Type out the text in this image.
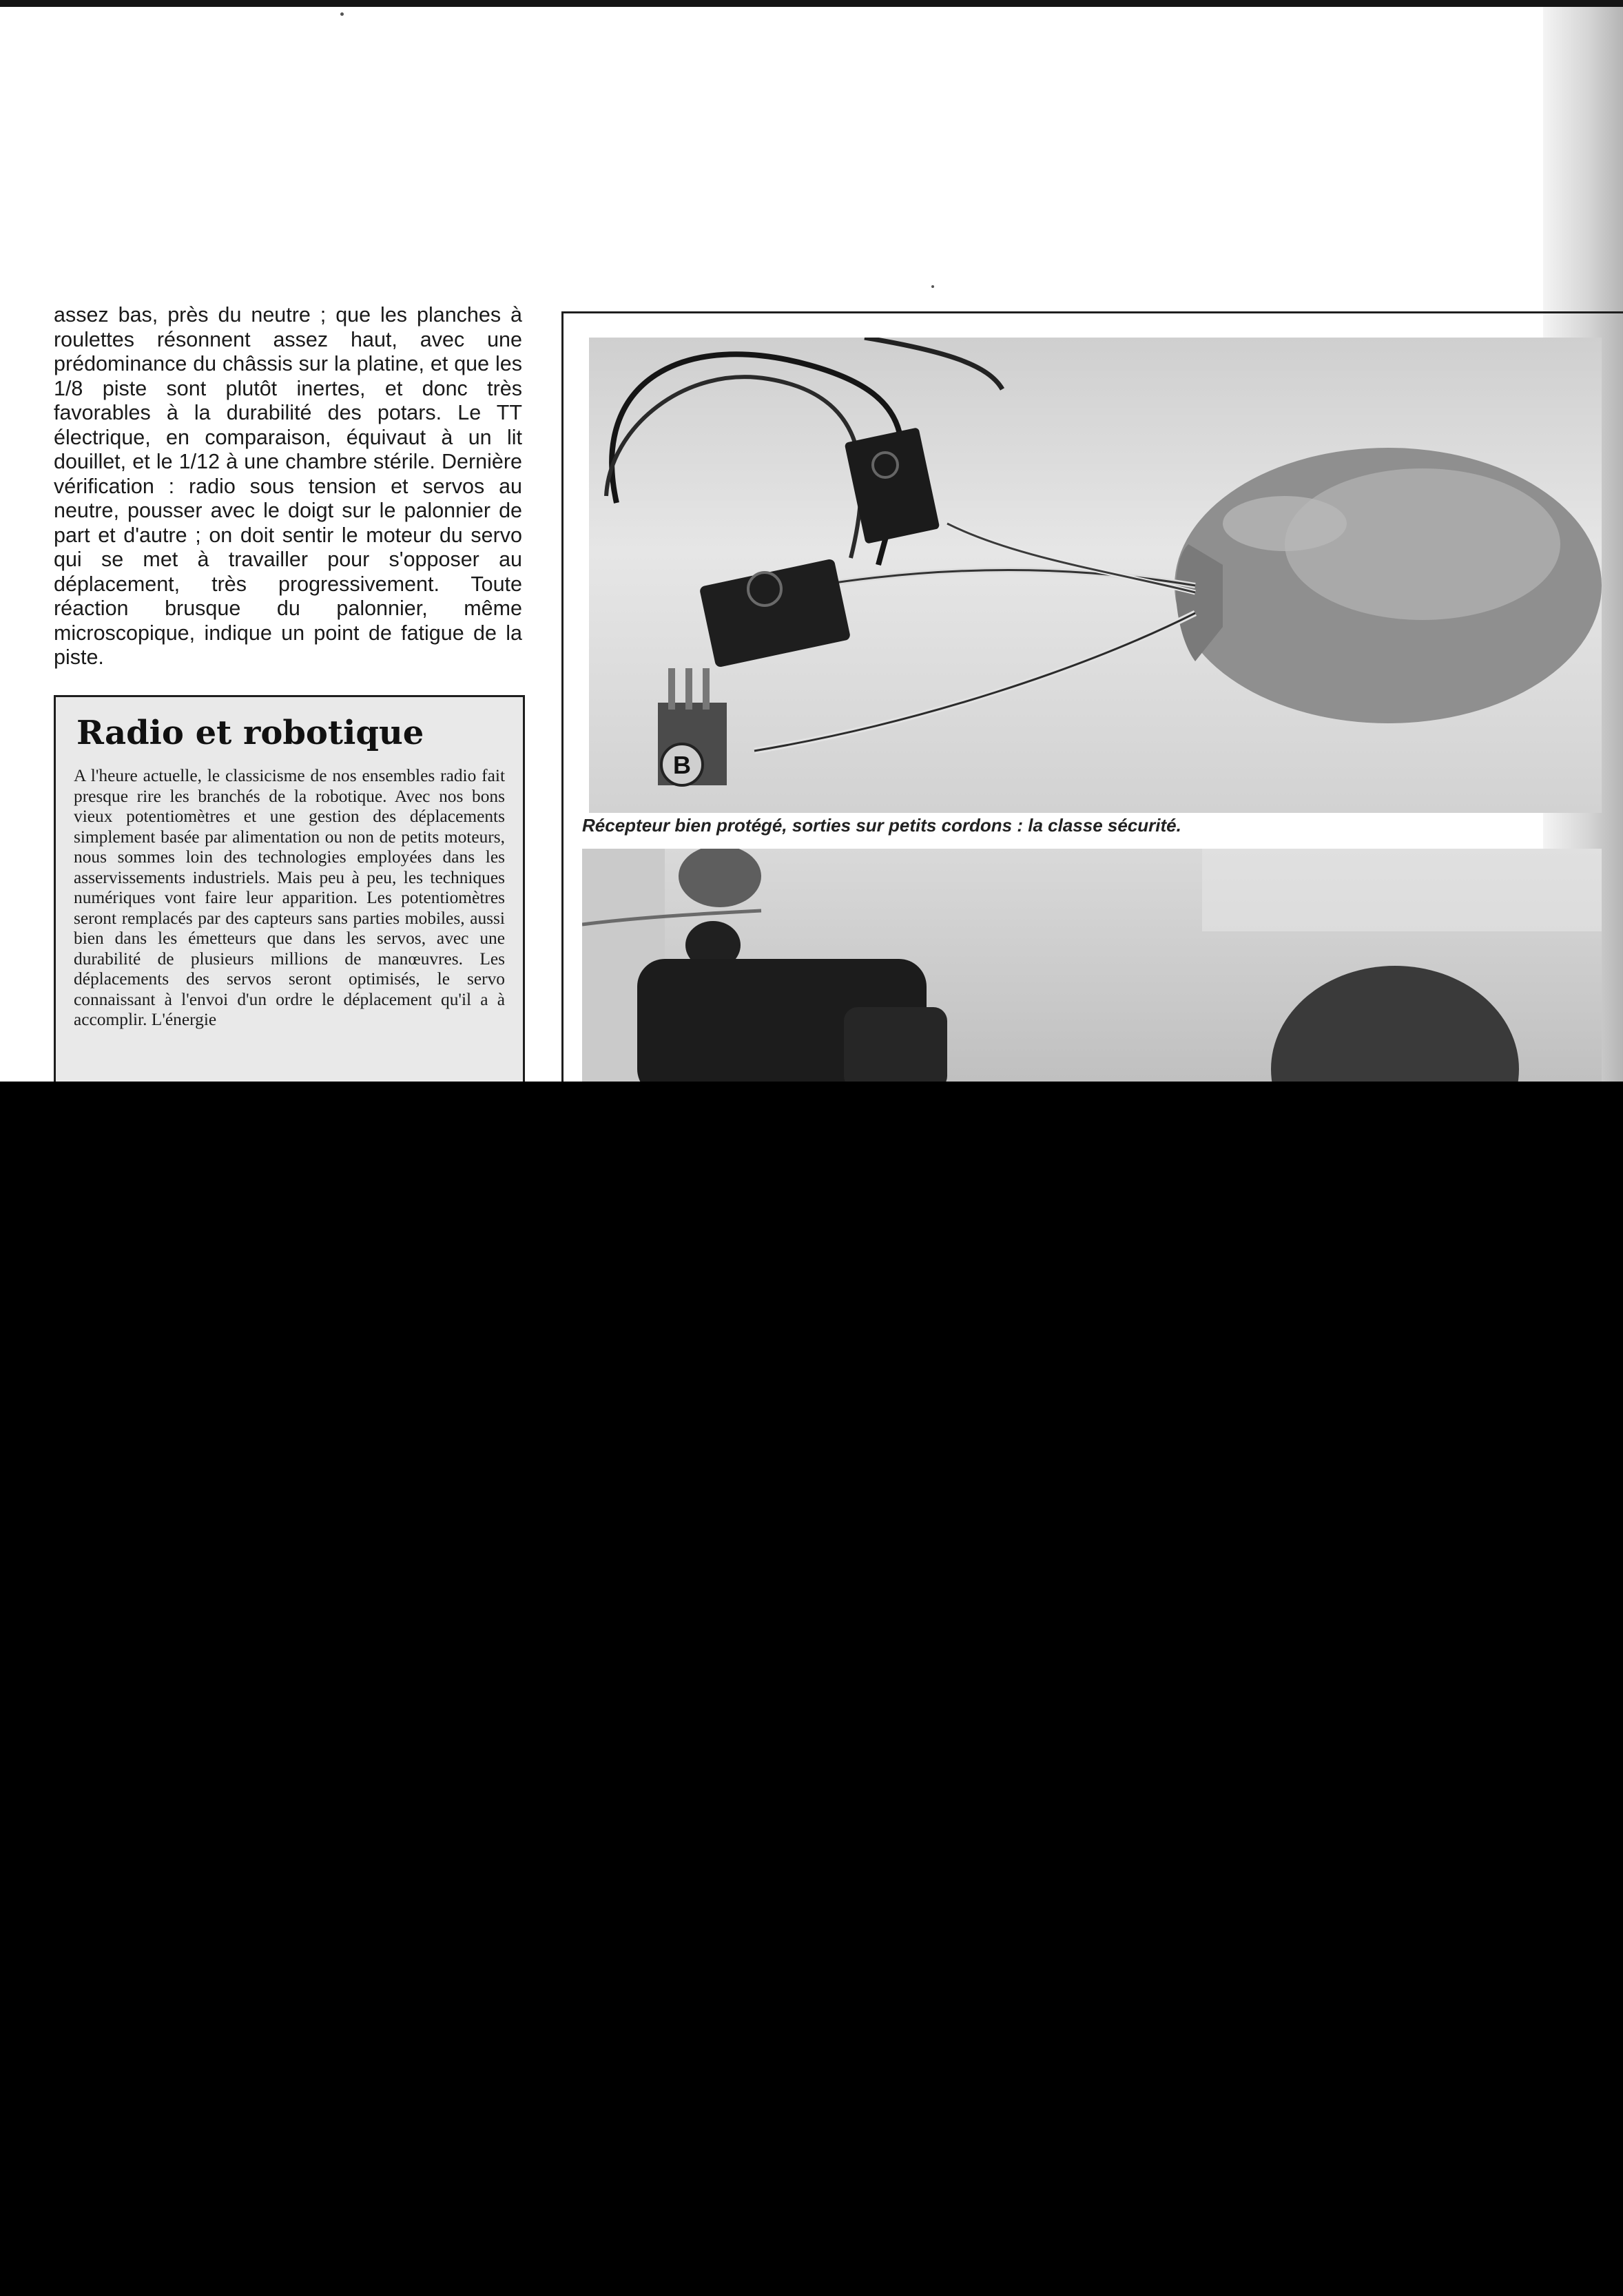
assez bas, près du neutre ; que les planches à roulettes résonnent assez haut, avec une prédominance du châssis sur la platine, et que les 1/8 piste sont plutôt inertes, et donc très favorables à la durabilité des potars. Le TT électrique, en comparaison, équivaut à un lit douillet, et le 1/12 à une chambre stérile. Dernière vérification : radio sous tension et servos au neutre, pousser avec le doigt sur le palonnier de part et d'autre ; on doit sentir le moteur du servo qui se met à travailler pour s'opposer au déplacement, très progressivement. Toute réaction brusque du palonnier, même microscopique, indique un point de fatigue de la piste.

Radio et robotique

A l'heure actuelle, le classicisme de nos ensembles radio fait presque rire les branchés de la robotique. Avec nos bons vieux potentiomètres et une gestion des déplacements simplement basée par alimentation ou non de petits moteurs, nous sommes loin des technologies employées dans les asservissements industriels. Mais peu à peu, les techniques numériques vont faire leur apparition. Les potentiomètres seront remplacés par des capteurs sans parties mobiles, aussi bien dans les émetteurs que dans les servos, avec une durabilité de plusieurs millions de manœuvres. Les déplacements des servos seront optimisés, le servo connaissant à l'envoi d'un ordre le déplacement qu'il a à accomplir. L'énergie

B
Récepteur bien protégé, sorties sur petits cordons : la classe sécurité.
